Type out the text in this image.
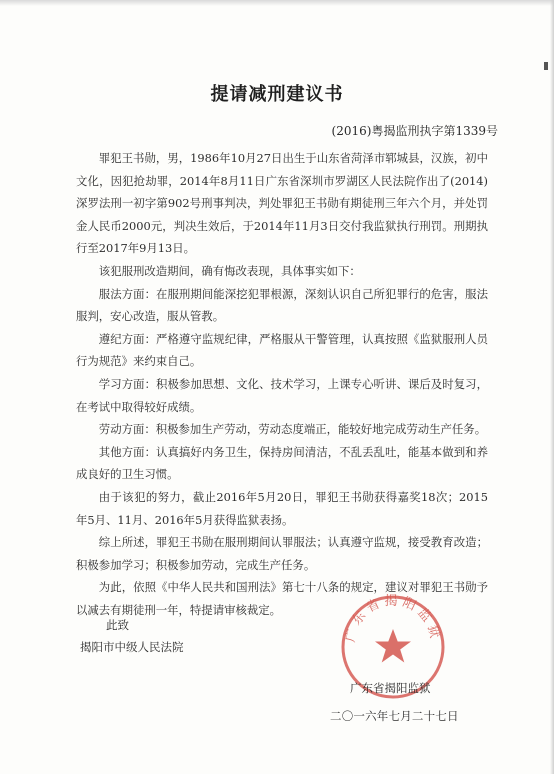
提请减刑建议书
(2016)粤揭监刑执字第1339号

罪犯王书勋，男，1986年10月27日出生于山东省菏泽市郓城县，汉族，初中文化，因犯抢劫罪，2014年8月11日广东省深圳市罗湖区人民法院作出了(2014)深罗法刑一初字第902号刑事判决，判处罪犯王书勋有期徒刑三年六个月，并处罚金人民币2000元，判决生效后，于2014年11月3日交付我监狱执行刑罚。刑期执行至2017年9月13日。

该犯服刑改造期间，确有悔改表现，具体事实如下：

服法方面：在服刑期间能深挖犯罪根源，深刻认识自己所犯罪行的危害，服法服判，安心改造，服从管教。

遵纪方面：严格遵守监规纪律，严格服从干警管理，认真按照《监狱服刑人员行为规范》来约束自己。

学习方面：积极参加思想、文化、技术学习，上课专心听讲、课后及时复习，在考试中取得较好成绩。

劳动方面：积极参加生产劳动，劳动态度端正，能较好地完成劳动生产任务。

其他方面：认真搞好内务卫生，保持房间清洁，不乱丢乱吐，能基本做到和养成良好的卫生习惯。

由于该犯的努力，截止2016年5月20日，罪犯王书勋获得嘉奖18次；2015年5月、11月、2016年5月获得监狱表扬。

综上所述，罪犯王书勋在服刑期间认罪服法；认真遵守监规，接受教育改造；积极参加学习；积极参加劳动，完成生产任务。

为此，依照《中华人民共和国刑法》第七十八条的规定，建议对罪犯王书勋予以减去有期徒刑一年，特提请审核裁定。

此致
揭阳市中级人民法院
广东省揭阳监狱
广东省揭阳监狱
二〇一六年七月二十七日
